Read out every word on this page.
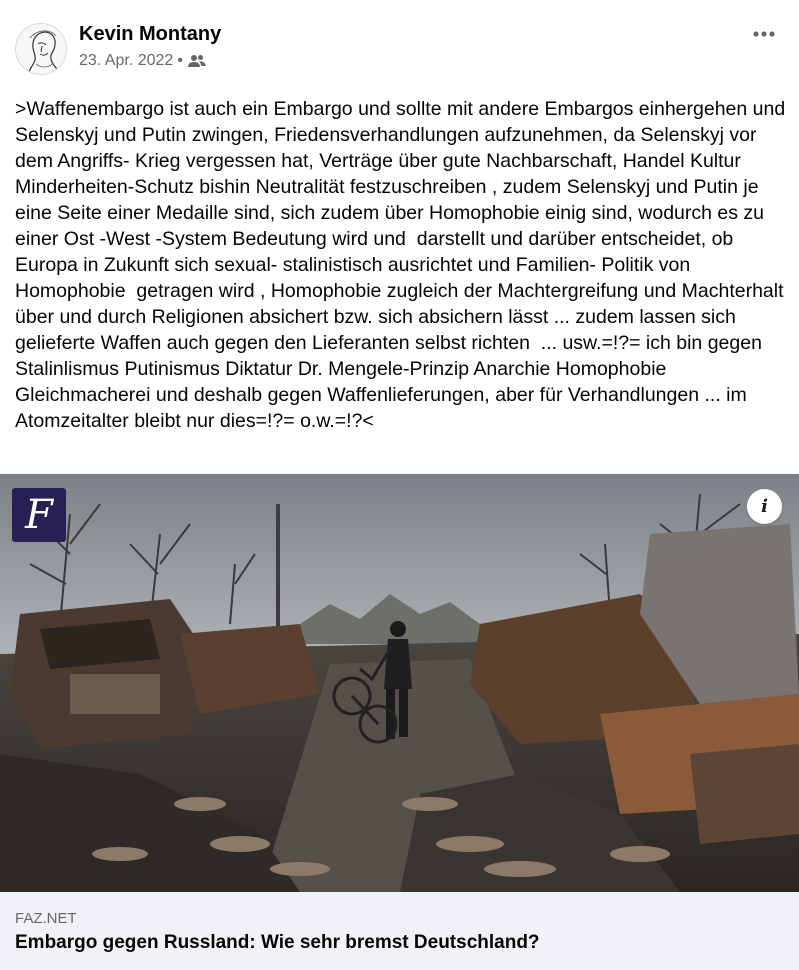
Kevin Montany
23. Apr. 2022 •

>Waffenembargo ist auch ein Embargo und sollte mit andere Embargos einhergehen und Selenskyj und Putin zwingen, Friedensverhandlungen aufzunehmen, da Selenskyj vor dem Angriffs- Krieg vergessen hat, Verträge über gute Nachbarschaft, Handel Kultur Minderheiten-Schutz bishin Neutralität festzuschreiben , zudem Selenskyj und Putin je eine Seite einer Medaille sind, sich zudem über Homophobie einig sind, wodurch es zu  einer Ost -West -System Bedeutung wird und  darstellt und darüber entscheidet, ob Europa in Zukunft sich sexual- stalinistisch ausrichtet und Familien- Politik von Homophobie  getragen wird , Homophobie zugleich der Machtergreifung und Machterhalt über und durch Religionen absichert bzw. sich absichern lässt ... zudem lassen sich gelieferte Waffen auch gegen den Lieferanten selbst richten  ... usw.=!?= ich bin gegen Stalinlismus Putinismus Diktatur Dr. Mengele-Prinzip Anarchie Homophobie Gleichmacherei und deshalb gegen Waffenlieferungen, aber für Verhandlungen ... im Atomzeitalter bleibt nur dies=!?= o.w.=!?<

F	i
FAZ.NET
Embargo gegen Russland: Wie sehr bremst Deutschland?
